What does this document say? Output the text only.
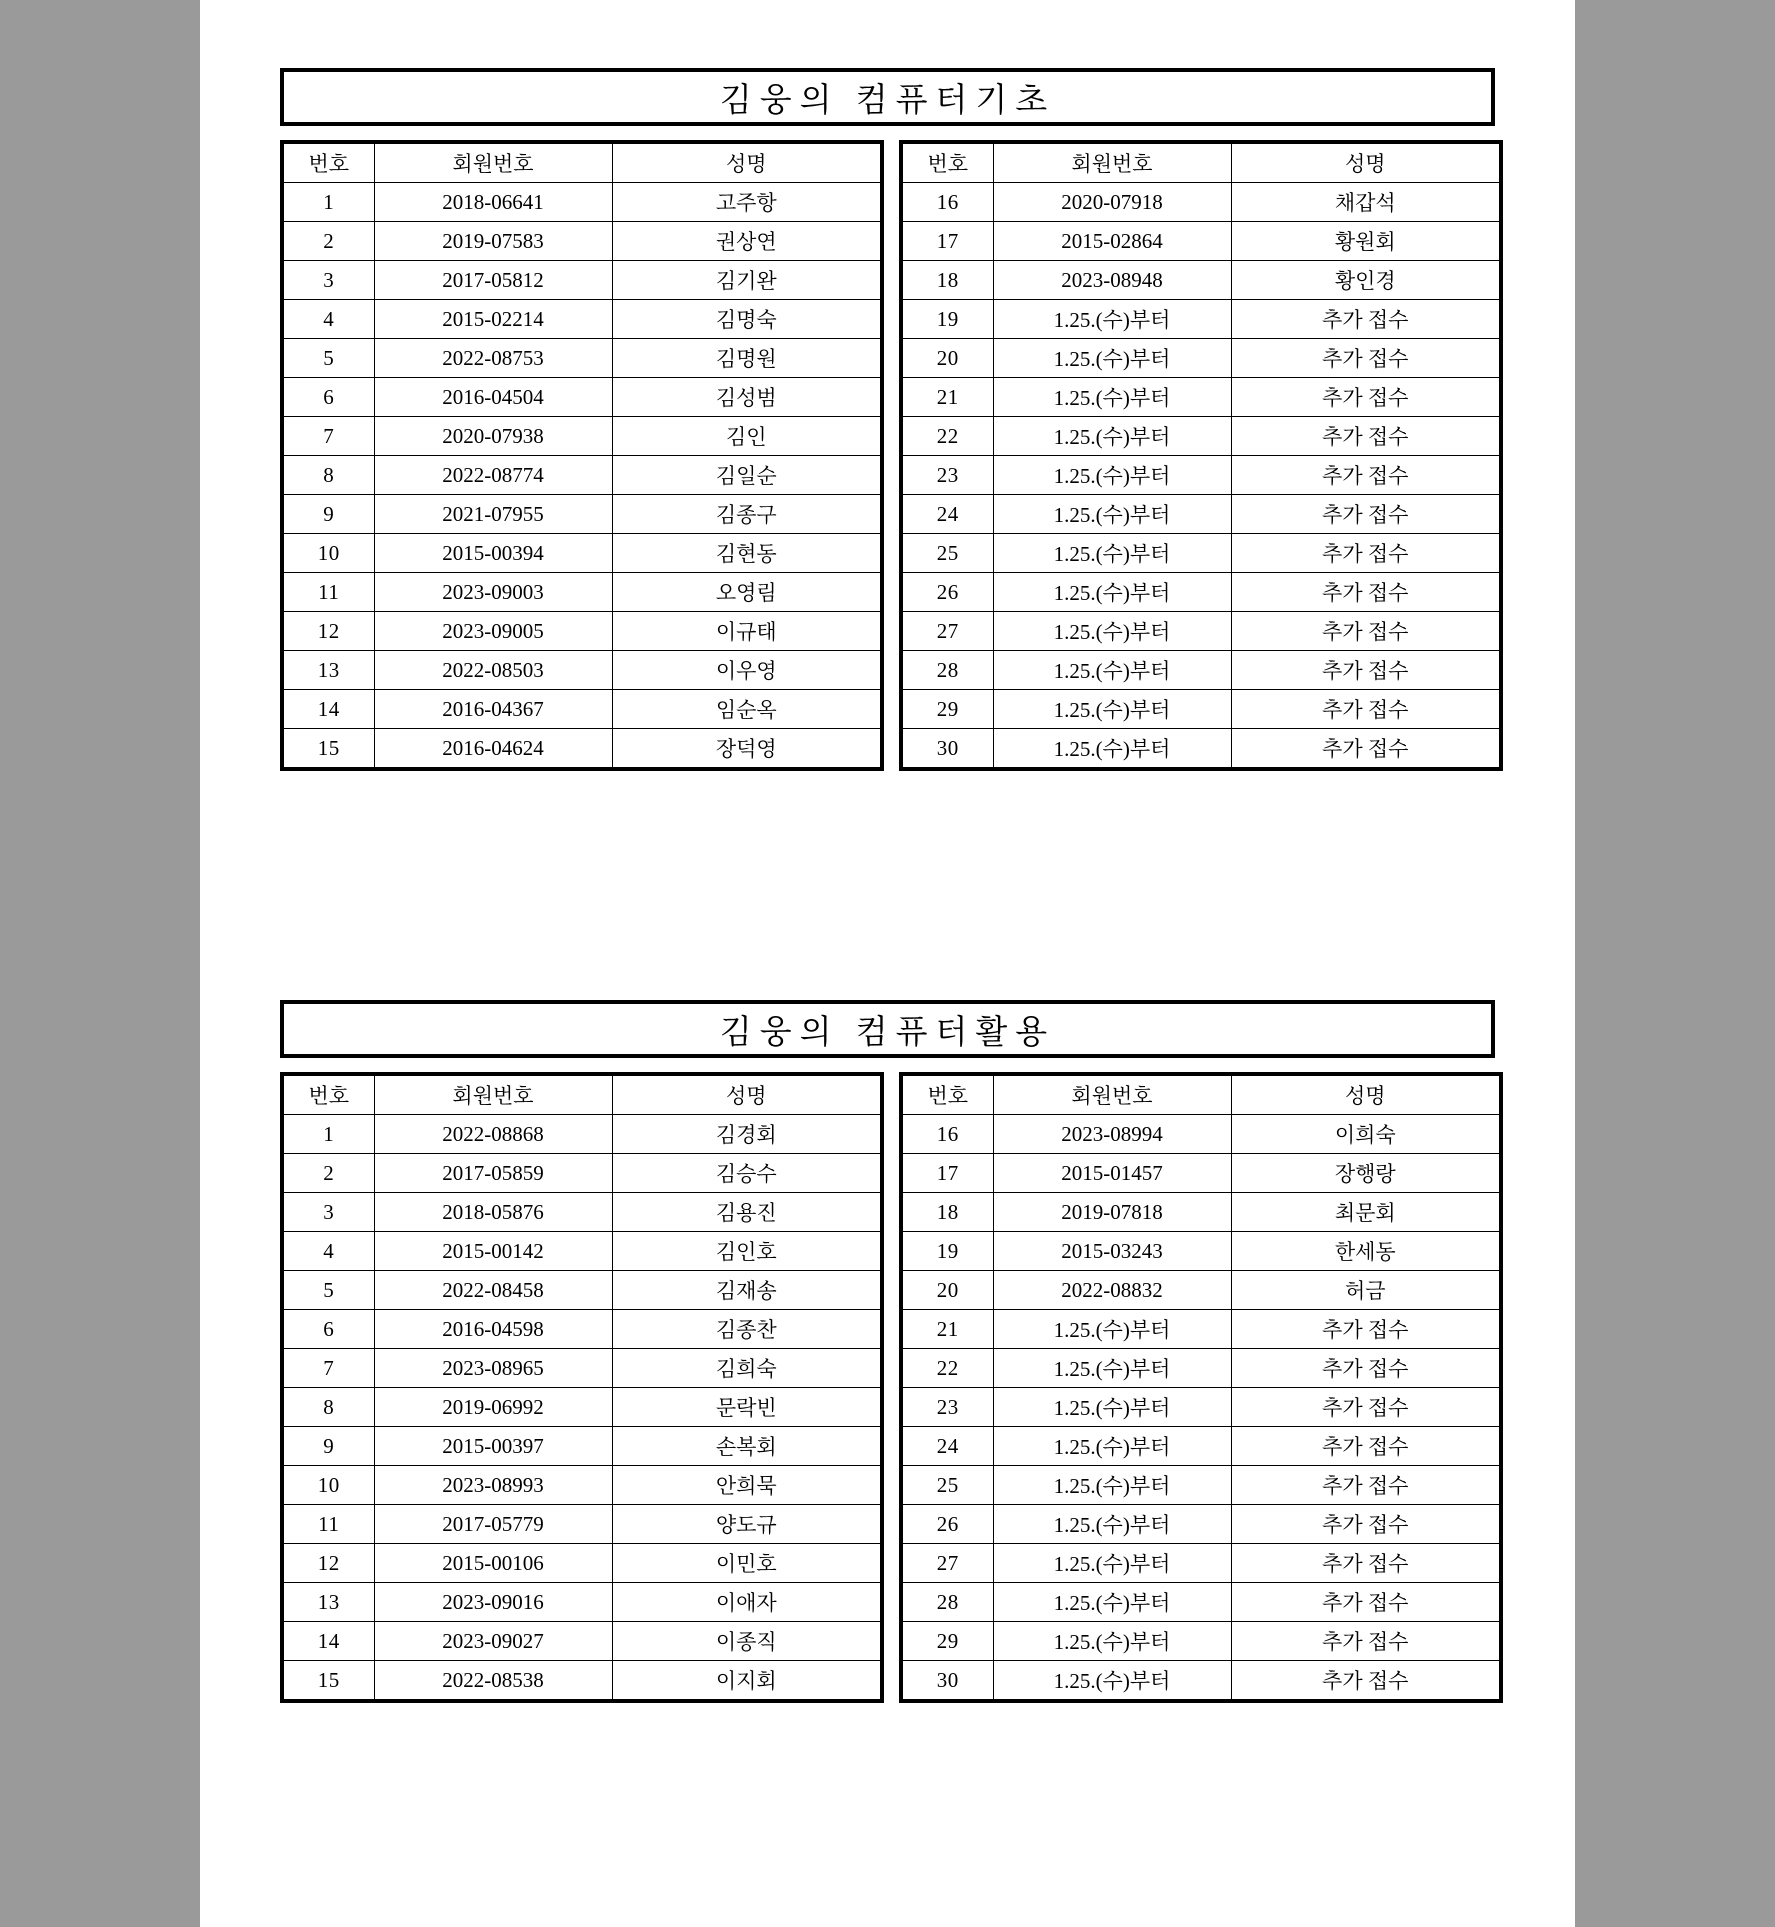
김웅의 컴퓨터기초
번호	회원번호	성명
1	2018-06641	고주항
2	2019-07583	권상연
3	2017-05812	김기완
4	2015-02214	김명숙
5	2022-08753	김명원
6	2016-04504	김성범
7	2020-07938	김인
8	2022-08774	김일순
9	2021-07955	김종구
10	2015-00394	김현동
11	2023-09003	오영림
12	2023-09005	이규태
13	2022-08503	이우영
14	2016-04367	임순옥
15	2016-04624	장덕영
번호	회원번호	성명
16	2020-07918	채갑석
17	2015-02864	황원회
18	2023-08948	황인경
19	1.25.(수)부터	추가 접수
20	1.25.(수)부터	추가 접수
21	1.25.(수)부터	추가 접수
22	1.25.(수)부터	추가 접수
23	1.25.(수)부터	추가 접수
24	1.25.(수)부터	추가 접수
25	1.25.(수)부터	추가 접수
26	1.25.(수)부터	추가 접수
27	1.25.(수)부터	추가 접수
28	1.25.(수)부터	추가 접수
29	1.25.(수)부터	추가 접수
30	1.25.(수)부터	추가 접수
김웅의 컴퓨터활용
번호	회원번호	성명
1	2022-08868	김경회
2	2017-05859	김승수
3	2018-05876	김용진
4	2015-00142	김인호
5	2022-08458	김재송
6	2016-04598	김종찬
7	2023-08965	김희숙
8	2019-06992	문락빈
9	2015-00397	손복회
10	2023-08993	안희묵
11	2017-05779	양도규
12	2015-00106	이민호
13	2023-09016	이애자
14	2023-09027	이종직
15	2022-08538	이지회
번호	회원번호	성명
16	2023-08994	이희숙
17	2015-01457	장행랑
18	2019-07818	최문회
19	2015-03243	한세동
20	2022-08832	허금
21	1.25.(수)부터	추가 접수
22	1.25.(수)부터	추가 접수
23	1.25.(수)부터	추가 접수
24	1.25.(수)부터	추가 접수
25	1.25.(수)부터	추가 접수
26	1.25.(수)부터	추가 접수
27	1.25.(수)부터	추가 접수
28	1.25.(수)부터	추가 접수
29	1.25.(수)부터	추가 접수
30	1.25.(수)부터	추가 접수
